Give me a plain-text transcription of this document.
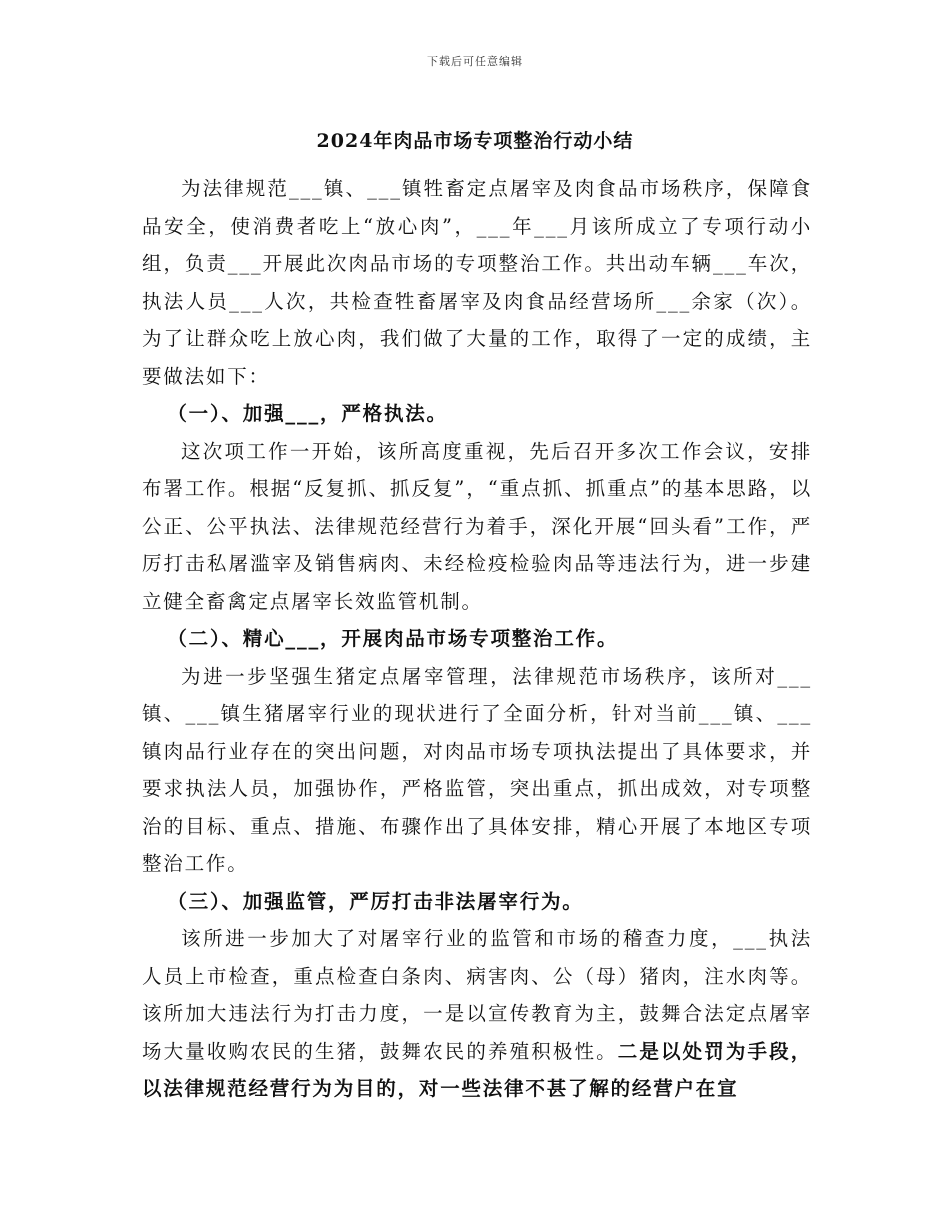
下载后可任意编辑
2024年肉品市场专项整治行动小结

为法律规范___镇、___镇牲畜定点屠宰及肉食品市场秩序，保障食品安全，使消费者吃上“放心肉”，___年___月该所成立了专项行动小组，负责___开展此次肉品市场的专项整治工作。共出动车辆___车次，执法人员___人次，共检查牲畜屠宰及肉食品经营场所___余家（次）。为了让群众吃上放心肉，我们做了大量的工作，取得了一定的成绩，主要做法如下：

（一）、加强___，严格执法。

这次项工作一开始，该所高度重视，先后召开多次工作会议，安排布署工作。根据“反复抓、抓反复”，“重点抓、抓重点”的基本思路，以公正、公平执法、法律规范经营行为着手，深化开展“回头看”工作，严厉打击私屠滥宰及销售病肉、未经检疫检验肉品等违法行为，进一步建立健全畜禽定点屠宰长效监管机制。

（二）、精心___，开展肉品市场专项整治工作。

为进一步坚强生猪定点屠宰管理，法律规范市场秩序，该所对___镇、___镇生猪屠宰行业的现状进行了全面分析，针对当前___镇、___镇肉品行业存在的突出问题，对肉品市场专项执法提出了具体要求，并要求执法人员，加强协作，严格监管，突出重点，抓出成效，对专项整治的目标、重点、措施、布骤作出了具体安排，精心开展了本地区专项整治工作。

（三）、加强监管，严厉打击非法屠宰行为。

该所进一步加大了对屠宰行业的监管和市场的稽查力度，___执法人员上市检查，重点检查白条肉、病害肉、公（母）猪肉，注水肉等。该所加大违法行为打击力度，一是以宣传教育为主，鼓舞合法定点屠宰场大量收购农民的生猪，鼓舞农民的养殖积极性。二是以处罚为手段，以法律规范经营行为为目的，对一些法律不甚了解的经营户在宣
